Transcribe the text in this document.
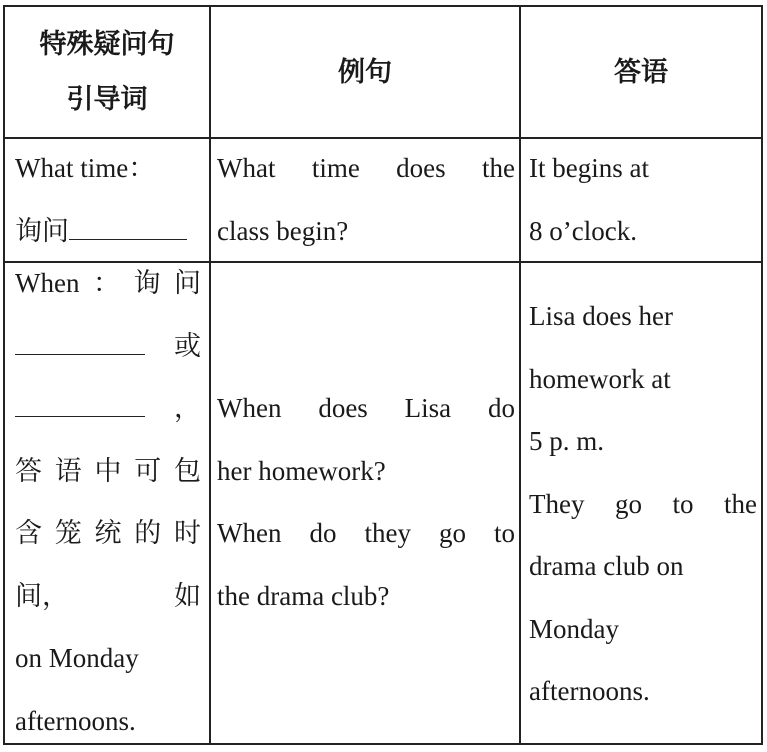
特殊疑问句
引导词
例句	答语
What time：
询问
What time does the
class begin?
It begins at
8 o’clock.
When：询问
或
，
答语中可包
含笼统的时
间，	如
on Monday
afternoons.
When does Lisa do
her homework?
When do they go to
the drama club?
Lisa does her
homework at
5 p. m.
They go to the
drama club on
Monday
afternoons.
